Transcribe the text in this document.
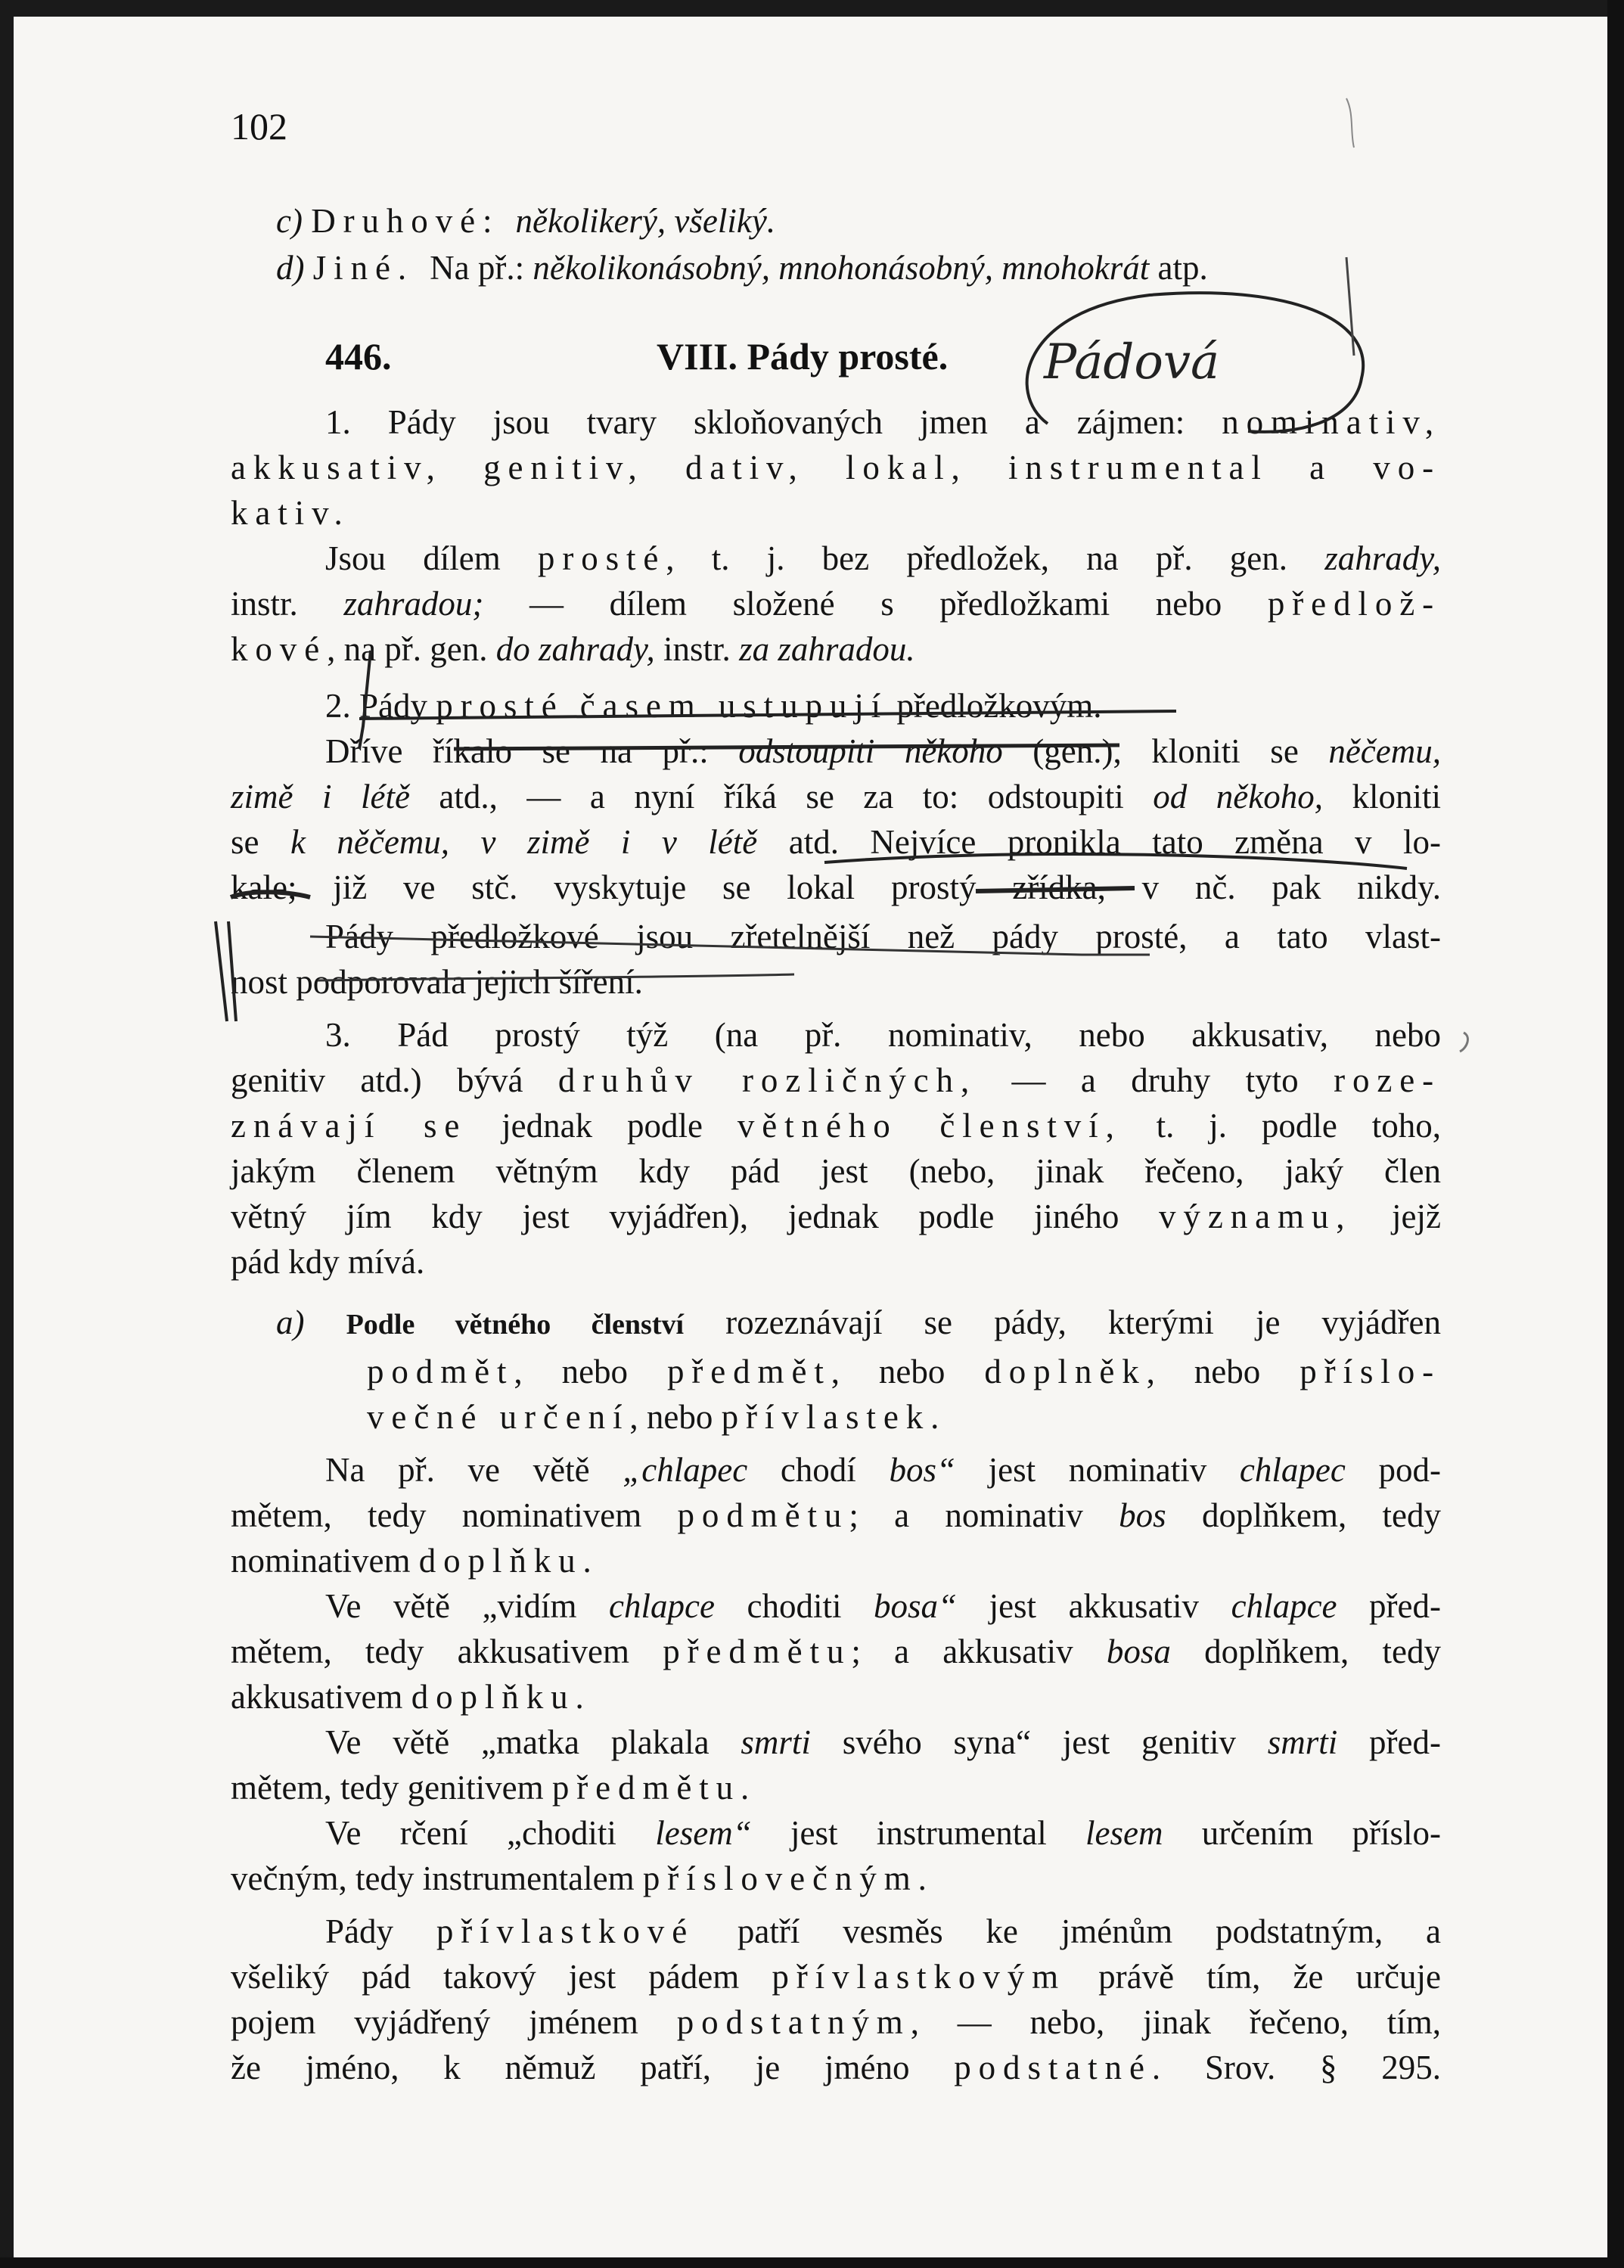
102
c) Druhové: několikerý, všeliký.
d) Jiné. Na př.: několikonásobný, mnohonásobný, mnohokrát atp.
446.	VIII. Pády prosté.
1. Pády jsou tvary skloňovaných jmen a zájmen: nominativ,
akkusativ, genitiv, dativ, lokal, instrumental a vo-
kativ.
Jsou dílem prosté, t. j. bez předložek, na př. gen. zahrady,
instr. zahradou; — dílem složené s předložkami nebo předlož-
kové, na př. gen. do zahrady, instr. za zahradou.
2. Pády prosté časem ustupují předložkovým.
Dříve říkalo se na př.: odstoupiti někoho (gen.), kloniti se něčemu,
zimě i létě atd., — a nyní říká se za to: odstoupiti od někoho, kloniti
se k něčemu, v zimě i v létě atd. Nejvíce pronikla tato změna v lo-
kale; již ve stč. vyskytuje se lokal prostý zřídka, v nč. pak nikdy.
Pády předložkové jsou zřetelnější než pády prosté, a tato vlast-
nost podporovala jejich šíření.
3. Pád prostý týž (na př. nominativ, nebo akkusativ, nebo
genitiv atd.) bývá druhův rozličných, — a druhy tyto roze-
znávají se jednak podle větného členství, t. j. podle toho,
jakým členem větným kdy pád jest (nebo, jinak řečeno, jaký člen
větný jím kdy jest vyjádřen), jednak podle jiného významu, jejž
pád kdy mívá.
a) Podle větného členství rozeznávají se pády, kterými je vyjádřen
podmět, nebo předmět, nebo doplněk, nebo příslo-
večné určení, nebo přívlastek.
Na př. ve větě „chlapec chodí bos“ jest nominativ chlapec pod-
mětem, tedy nominativem podmětu; a nominativ bos doplňkem, tedy
nominativem doplňku.
Ve větě „vidím chlapce choditi bosa“ jest akkusativ chlapce před-
mětem, tedy akkusativem předmětu; a akkusativ bosa doplňkem, tedy
akkusativem doplňku.
Ve větě „matka plakala smrti svého syna“ jest genitiv smrti před-
mětem, tedy genitivem předmětu.
Ve rčení „choditi lesem“ jest instrumental lesem určením příslo-
večným, tedy instrumentalem příslovečným.
Pády přívlastkové patří vesměs ke jménům podstatným, a
všeliký pád takový jest pádem přívlastkovým právě tím, že určuje
pojem vyjádřený jménem podstatným, — nebo, jinak řečeno, tím,
že jméno, k němuž patří, je jméno podstatné. Srov. § 295.
Pádová
